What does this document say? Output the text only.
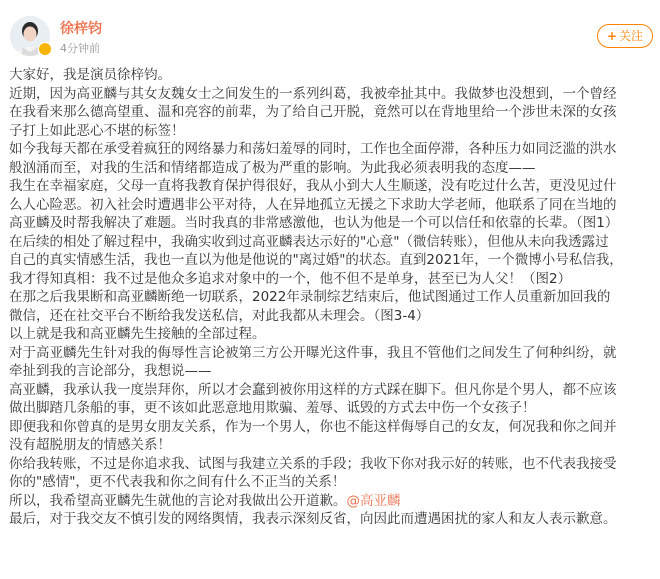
徐梓钧
4分钟前
+ 关注

大家好，我是演员徐梓钧。

近期，因为高亚麟与其女友魏女士之间发生的一系列纠葛，我被牵扯其中。我做梦也没想到，一个曾经

在我看来那么德高望重、温和亮容的前辈，为了给自己开脱，竟然可以在背地里给一个涉世未深的女孩

子打上如此恶心不堪的标签！

如今我每天都在承受着疯狂的网络暴力和荡妇羞辱的同时，工作也全面停滞，各种压力如同泛滥的洪水

般汹涌而至，对我的生活和情绪都造成了极为严重的影响。为此我必须表明我的态度——

我生在幸福家庭，父母一直将我教育保护得很好，我从小到大人生顺遂，没有吃过什么苦，更没见过什

么人心险恶。初入社会时遭遇非公平对待，人在异地孤立无援之下求助大学老师，他联系了同在当地的

高亚麟及时帮我解决了难题。当时我真的非常感激他，也认为他是一个可以信任和依靠的长辈。（图1）

在后续的相处了解过程中，我确实收到过高亚麟表达示好的"心意"（微信转账），但他从未向我透露过

自己的真实情感生活，我也一直以为他是他说的"离过婚"的状态。直到2021年，一个微博小号私信我，

我才得知真相：我不过是他众多追求对象中的一个，他不但不是单身，甚至已为人父！（图2）

在那之后我果断和高亚麟断绝一切联系，2022年录制综艺结束后，他试图通过工作人员重新加回我的

微信，还在社交平台不断给我发送私信，对此我都从未理会。（图3-4）

以上就是我和高亚麟先生接触的全部过程。

对于高亚麟先生针对我的侮辱性言论被第三方公开曝光这件事，我且不管他们之间发生了何种纠纷，就

牵扯到我的言论部分，我想说——

高亚麟，我承认我一度崇拜你，所以才会蠢到被你用这样的方式踩在脚下。但凡你是个男人，都不应该

做出脚踏几条船的事，更不该如此恶意地用欺骗、羞辱、诋毁的方式去中伤一个女孩子！

即便我和你曾真的是男女朋友关系，作为一个男人，你也不能这样侮辱自己的女友，何况我和你之间并

没有超脱朋友的情感关系！

你给我转账，不过是你追求我、试图与我建立关系的手段；我收下你对我示好的转账，也不代表我接受

你的"感情"，更不代表我和你之间有什么不正当的关系！

所以，我希望高亚麟先生就他的言论对我做出公开道歉。@高亚麟

最后，对于我交友不慎引发的网络舆情，我表示深刻反省，向因此而遭遇困扰的家人和友人表示歉意。
